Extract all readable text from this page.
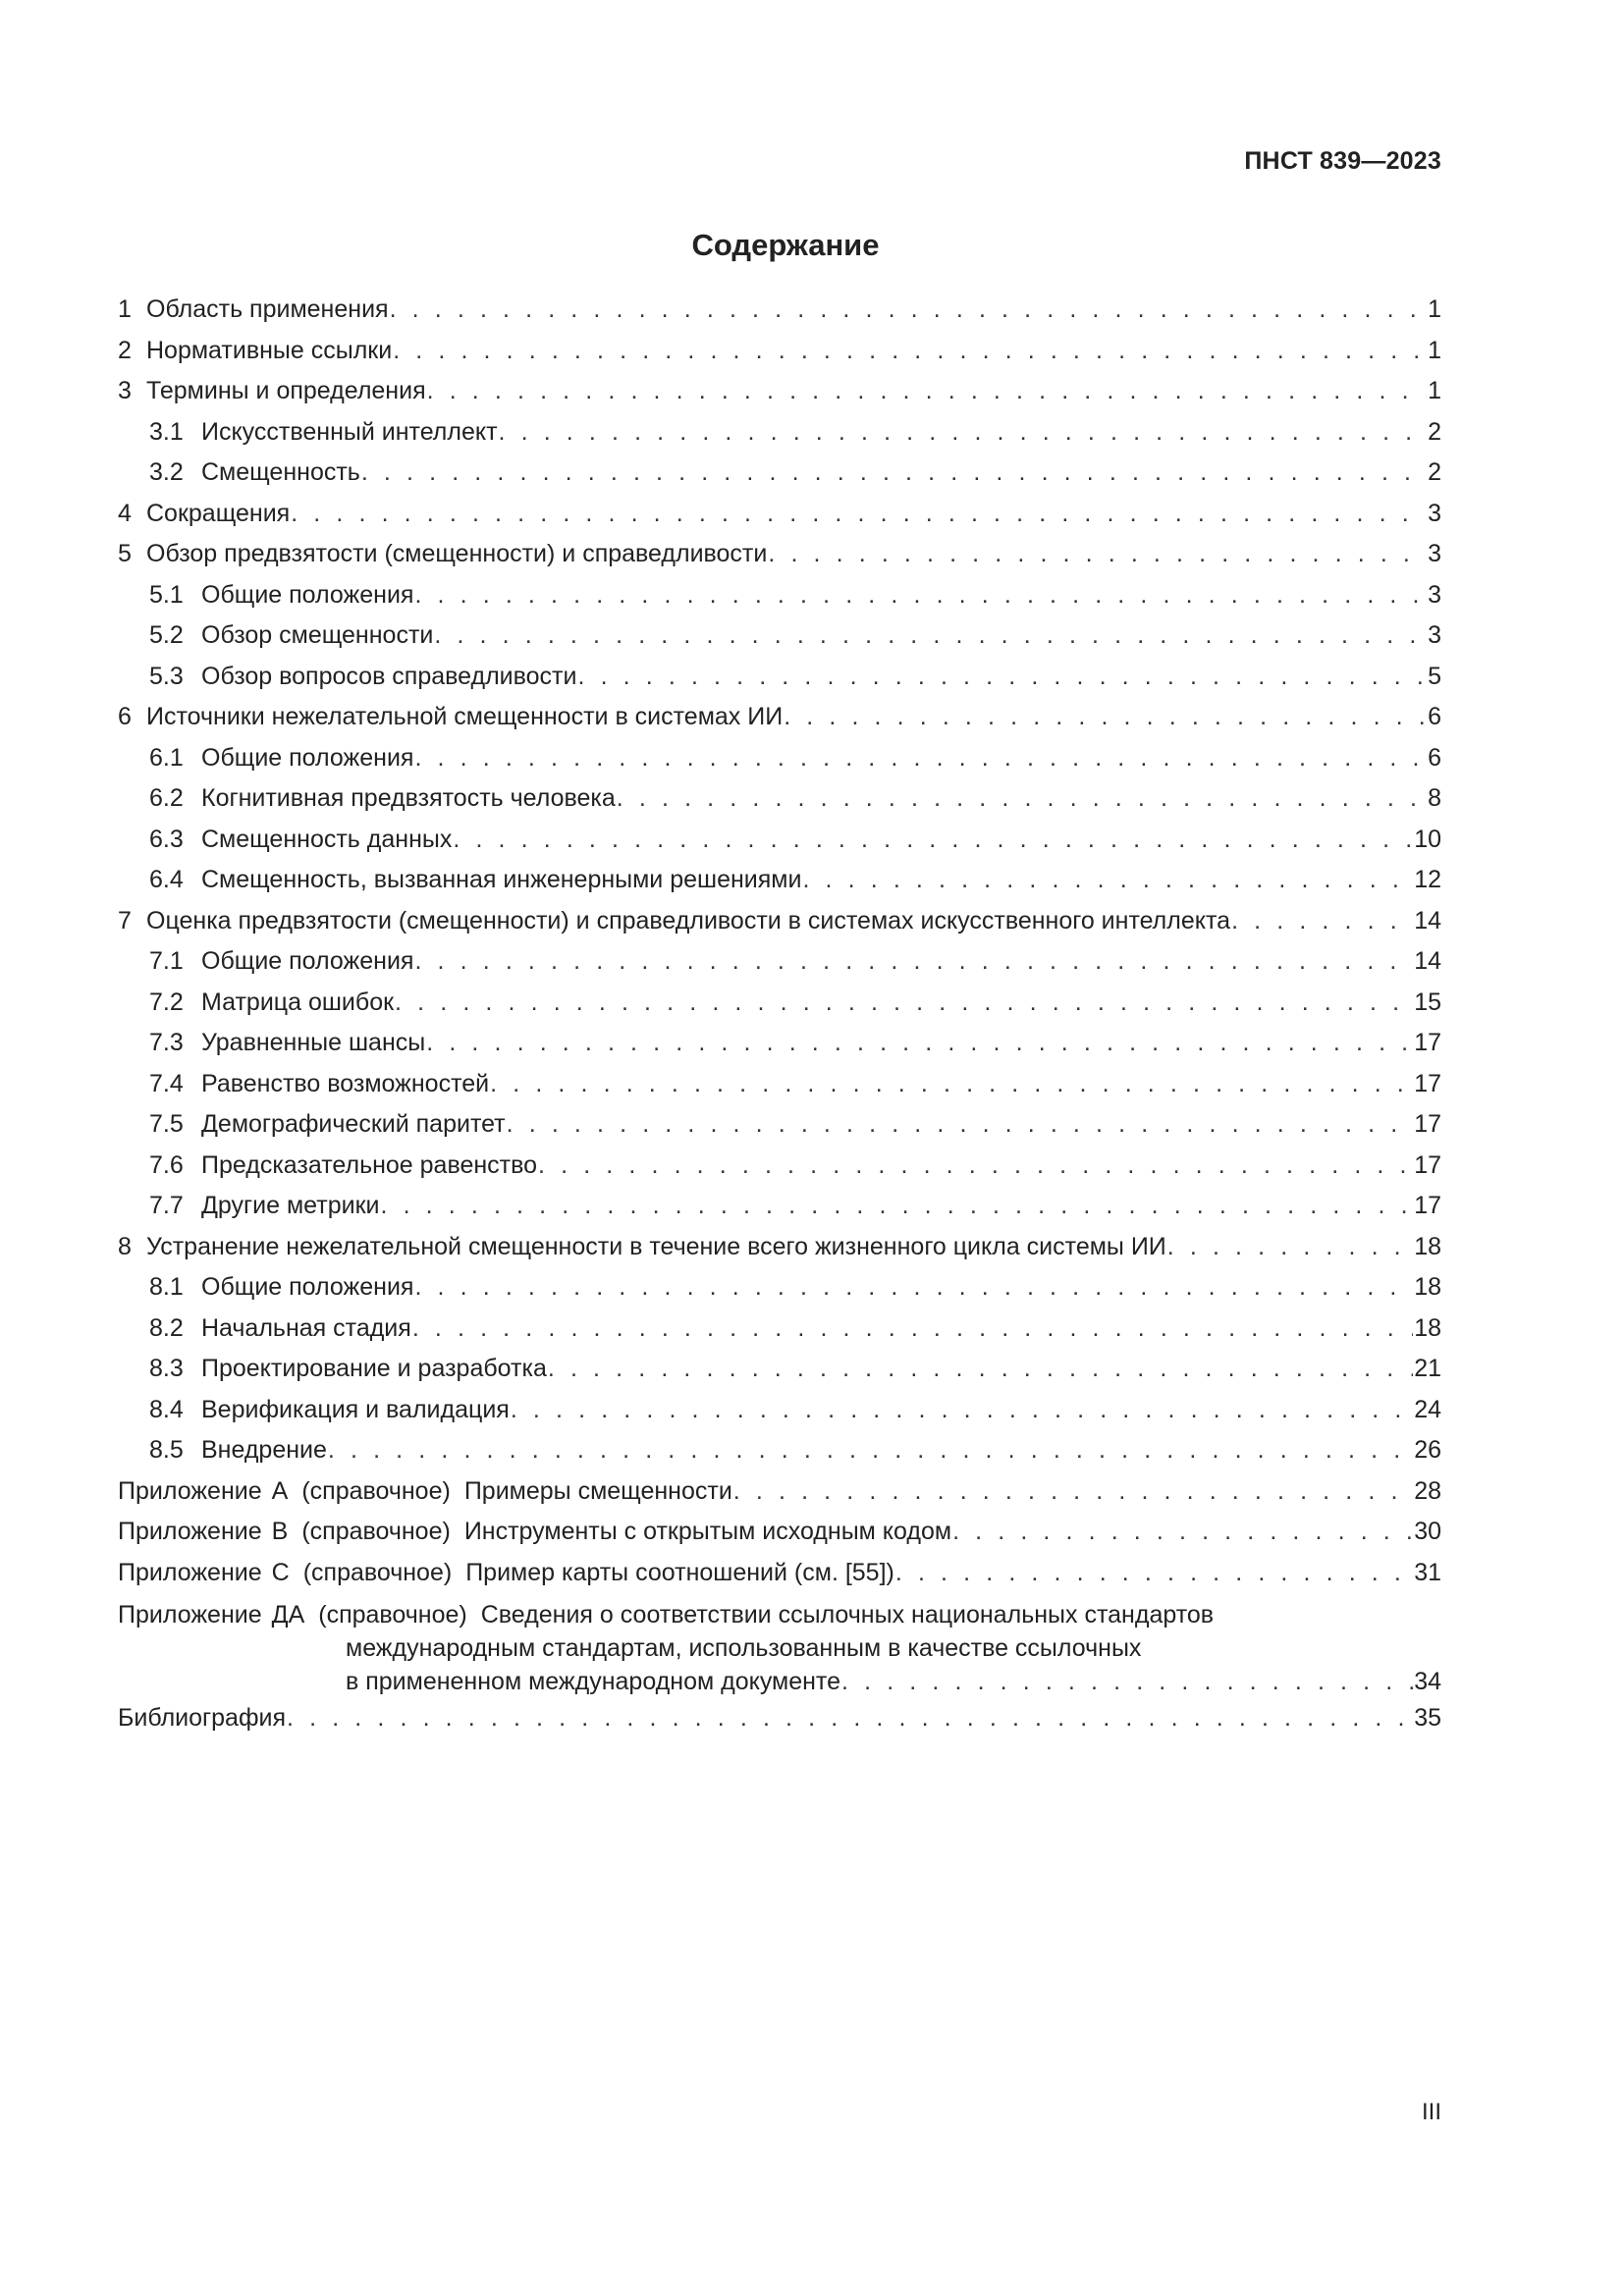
ПНСТ 839—2023
Содержание
1 Область применения . . .	1
2 Нормативные ссылки . . .	1
3 Термины и определения . . .	1
3.1 Искусственный интеллект . . .	2
3.2 Смещенность . . .	2
4 Сокращения . . .	3
5 Обзор предвзятости (смещенности) и справедливости . . .	3
5.1 Общие положения . . .	3
5.2 Обзор смещенности . . .	3
5.3 Обзор вопросов справедливости . . .	5
6 Источники нежелательной смещенности в системах ИИ . . .	6
6.1 Общие положения . . .	6
6.2 Когнитивная предвзятость человека . . .	8
6.3 Смещенность данных . . .	10
6.4 Смещенность, вызванная инженерными решениями . . .	12
7 Оценка предвзятости (смещенности) и справедливости в системах искусственного интеллекта . . .	14
7.1 Общие положения . . .	14
7.2 Матрица ошибок . . .	15
7.3 Уравненные шансы . . .	17
7.4 Равенство возможностей . . .	17
7.5 Демографический паритет . . .	17
7.6 Предсказательное равенство . . .	17
7.7 Другие метрики . . .	17
8 Устранение нежелательной смещенности в течение всего жизненного цикла системы ИИ . . .	18
8.1 Общие положения . . .	18
8.2 Начальная стадия . . .	18
8.3 Проектирование и разработка . . .	21
8.4 Верификация и валидация . . .	24
8.5 Внедрение . . .	26
Приложение А (справочное) Примеры смещенности . . .	28
Приложение В (справочное) Инструменты с открытым исходным кодом . . .	30
Приложение С (справочное) Пример карты соотношений (см. [55]) . . .	31
Приложение ДА (справочное) Сведения о соответствии ссылочных национальных стандартов
международным стандартам, использованным в качестве ссылочных
в примененном международном документе . . .	34
Библиография . . .	35
III
